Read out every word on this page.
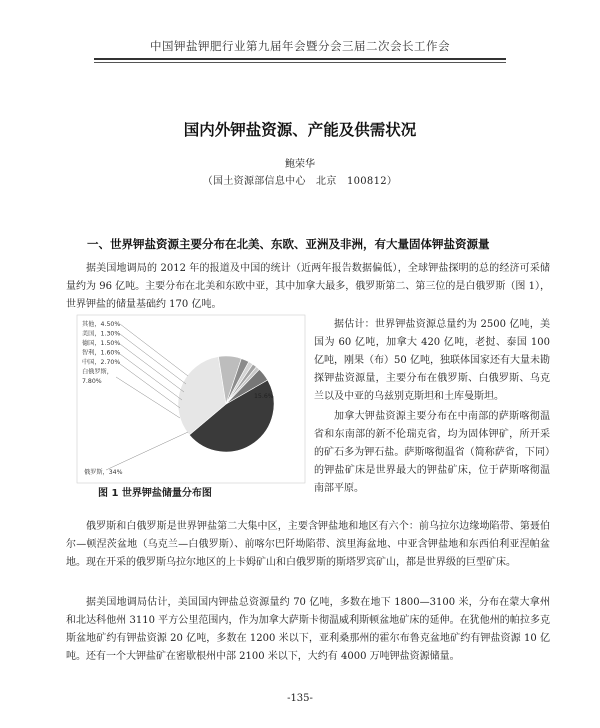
中国钾盐钾肥行业第九届年会暨分会三届二次会长工作会
国内外钾盐资源、产能及供需状况
鲍荣华
（国土资源部信息中心　北京　100812）
一、世界钾盐资源主要分布在北美、东欧、亚洲及非洲，有大量固体钾盐资源量

据美国地调局的 2012 年的报道及中国的统计（近两年报告数据偏低），全球钾盐探明的总的经济可采储量约为 96 亿吨。主要分布在北美和东欧中亚，其中加拿大最多，俄罗斯第二、第三位的是白俄罗斯（图 1），世界钾盐的储量基础约 170 亿吨。

其他，4.50%
美国，1.30%
德国，1.50%
智利，1.60%
中国，2.70%
白俄罗斯，
7.80%
俄罗斯，34%
15.6%
图 1 世界钾盐储量分布图

据估计：世界钾盐资源总量约为 2500 亿吨，美国为 60 亿吨，加拿大 420 亿吨，老挝、泰国 100 亿吨，刚果（布）50 亿吨，独联体国家还有大量未勘探钾盐资源量，主要分布在俄罗斯、白俄罗斯、乌克兰以及中亚的乌兹别克斯坦和土库曼斯坦。

加拿大钾盐资源主要分布在中南部的萨斯喀彻温省和东南部的新不伦瑞克省，均为固体钾矿，所开采的矿石多为钾石盐。萨斯喀彻温省（简称萨省，下同）的钾盐矿床是世界最大的钾盐矿床，位于萨斯喀彻温南部平原。

俄罗斯和白俄罗斯是世界钾盐第二大集中区，主要含钾盐地和地区有六个：前乌拉尔边缘坳陷带、第聂伯尔—顿涅茨盆地（乌克兰—白俄罗斯）、前喀尔巴阡坳陷带、滨里海盆地、中亚含钾盐地和东西伯利亚涅帕盆地。现在开采的俄罗斯乌拉尔地区的上卡姆矿山和白俄罗斯的斯塔罗宾矿山，都是世界级的巨型矿床。

据美国地调局估计，美国国内钾盐总资源量约 70 亿吨，多数在地下 1800—3100 米，分布在蒙大拿州和北达科他州 3110 平方公里范围内，作为加拿大萨斯卡彻温威利斯顿盆地矿床的延伸。在犹他州的帕拉多克斯盆地矿约有钾盐资源 20 亿吨，多数在 1200 米以下，亚利桑那州的霍尔布鲁克盆地矿约有钾盐资源 10 亿吨。还有一个大钾盐矿在密歇根州中部 2100 米以下，大约有 4000 万吨钾盐资源储量。

-135-
